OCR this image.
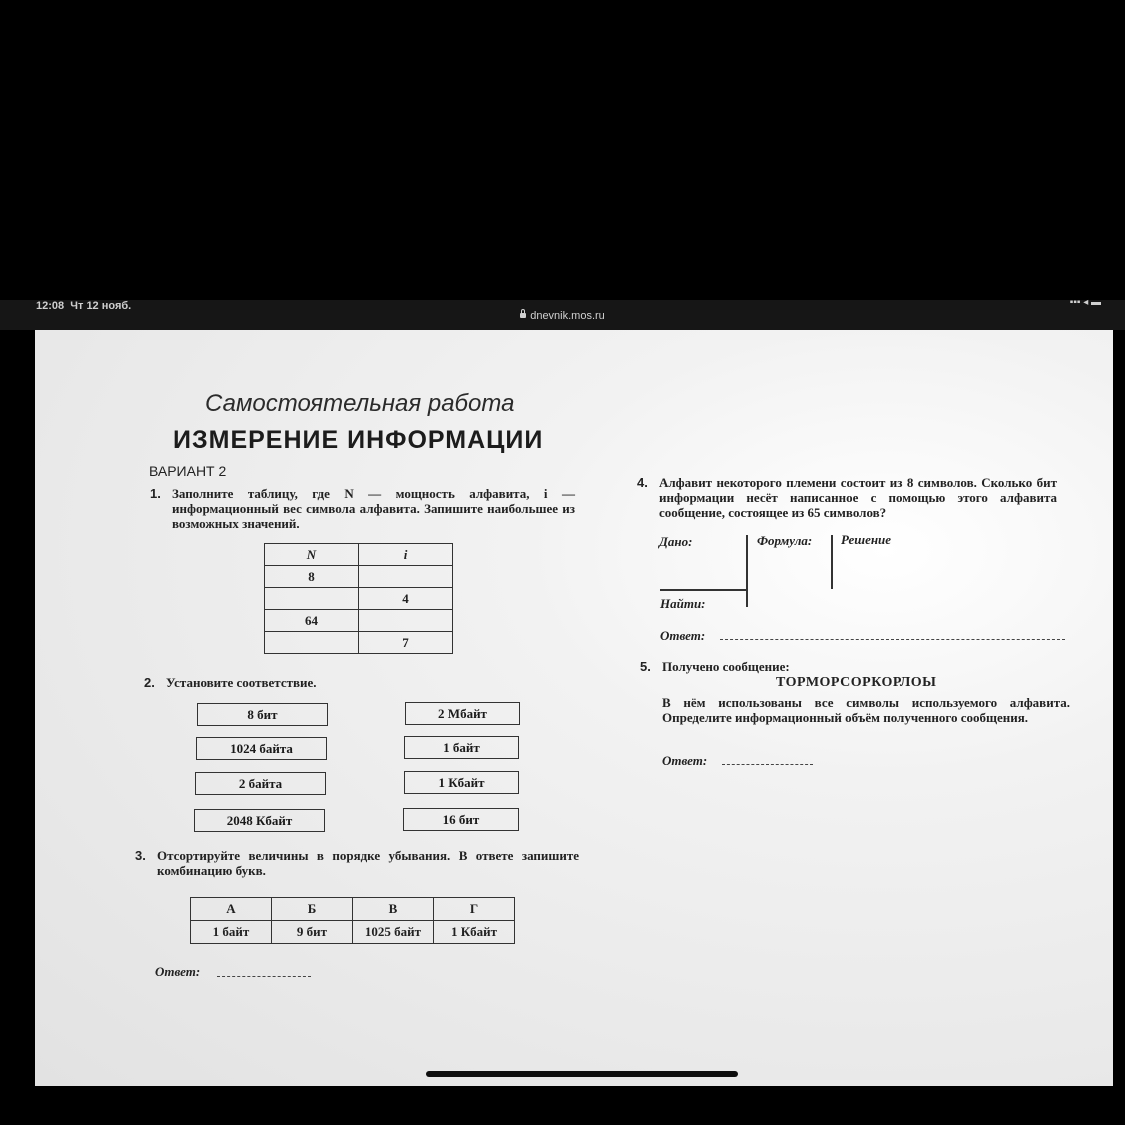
12:08 Чт 12 нояб.	▪▪▪ ◂ ▬
dnevnik.mos.ru
Самостоятельная работа
ИЗМЕРЕНИЕ ИНФОРМАЦИИ
ВАРИАНТ 2
1. Заполните таблицу, где N — мощность алфавита, i — информационный вес символа алфавита. Запишите наибольшее из возможных значений.

N	i
8	
	4
64	
	7
2. Установите соответствие.

8 бит
1024 байта
2 байта
2048 Кбайт
2 Мбайт
1 байт
1 Кбайт
16 бит
3. Отсортируйте величины в порядке убывания. В ответе запишите комбинацию букв.

А	Б	В	Г
1 байт	9 бит	1025 байт	1 Кбайт
Ответ:
4. Алфавит некоторого племени состоит из 8 символов. Сколько бит информации несёт написанное с помощью этого алфавита сообщение, состоящее из 65 символов?

Дано:	Формула: Решение
Найти:
Ответ:
5. Получено сообщение:

ТОРМОРСОРКОРЛОЫ

В нём использованы все символы используемого алфавита. Определите информационный объём полученного сообщения.

Ответ:
